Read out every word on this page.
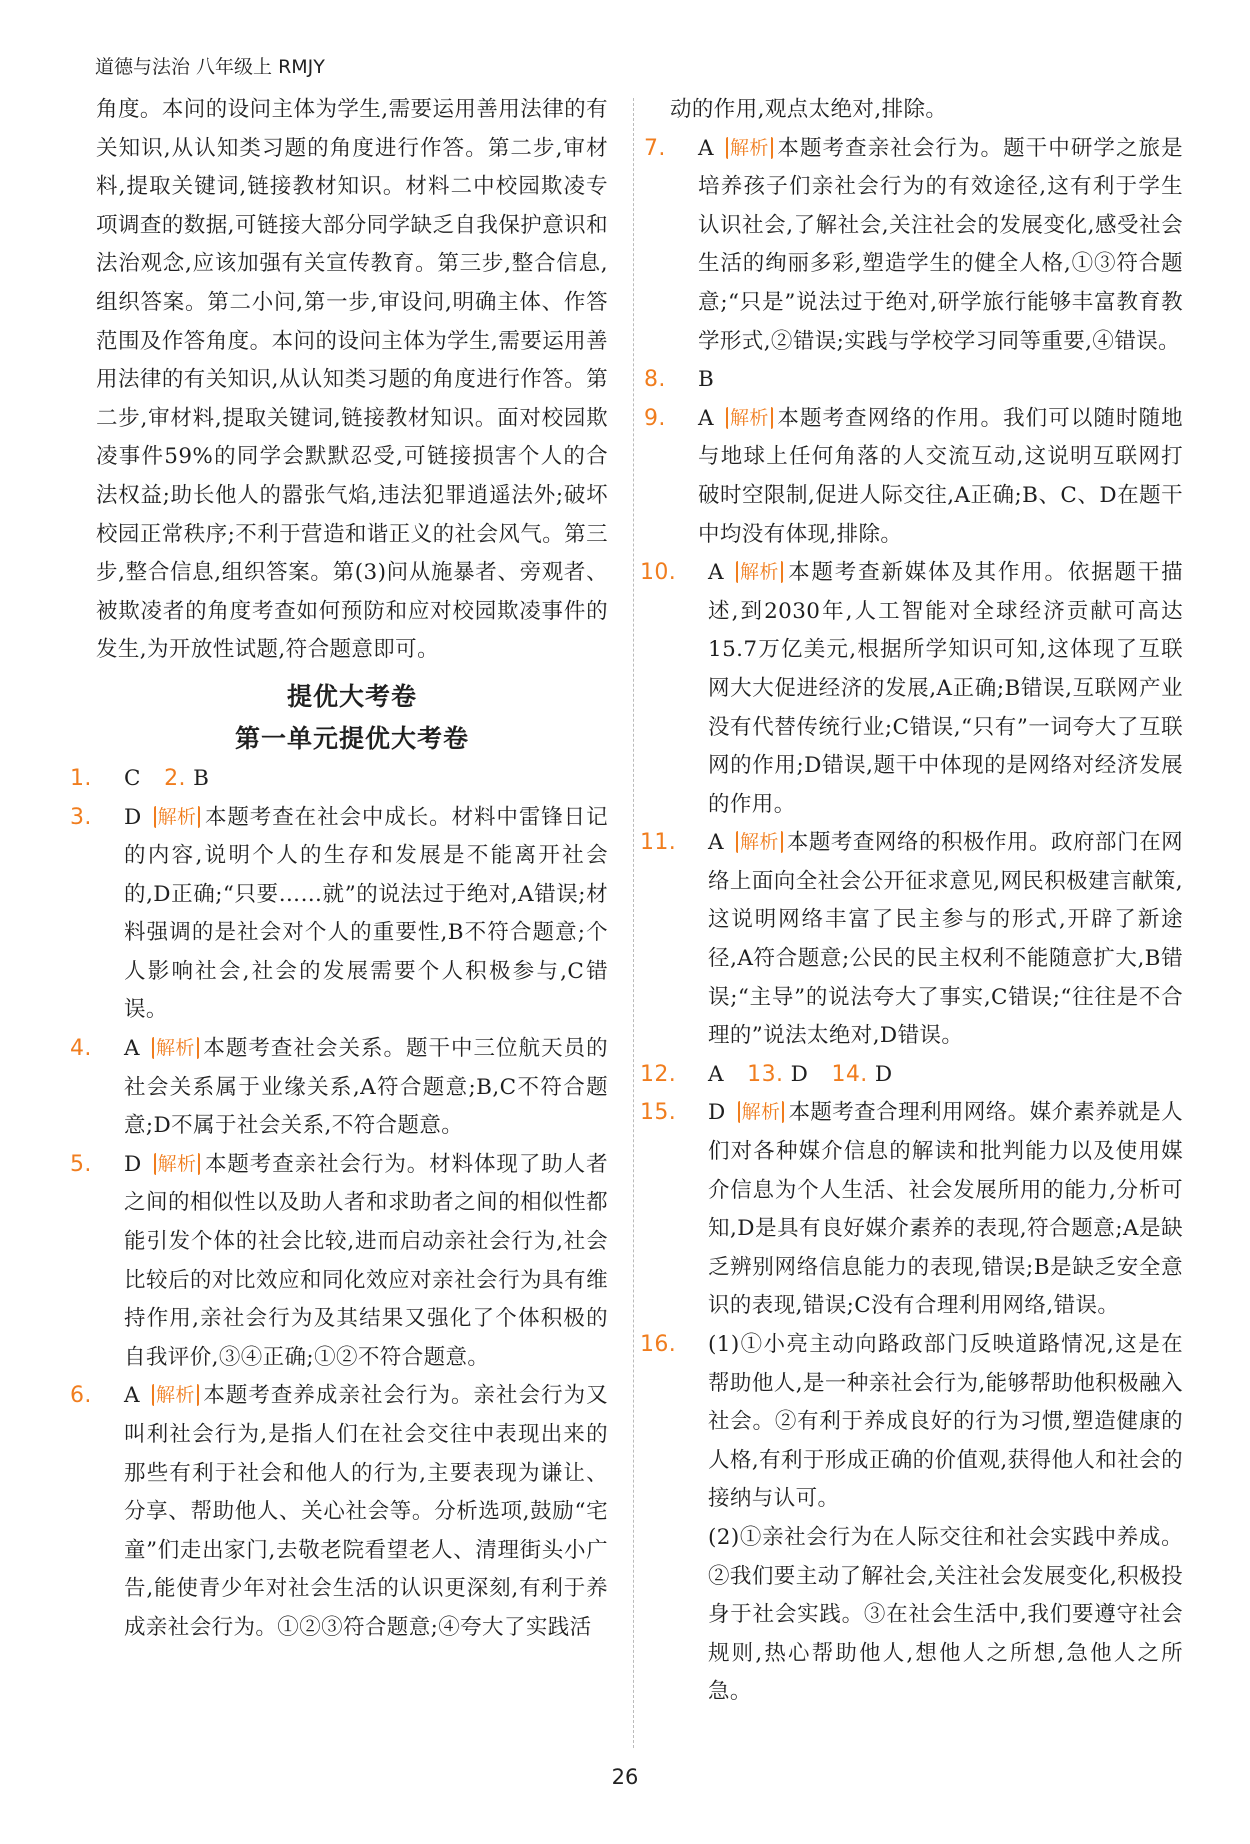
道德与法治 八年级上 RMJY
角度。本问的设问主体为学生,需要运用善用法律的有关知识,从认知类习题的角度进行作答。第二步,审材料,提取关键词,链接教材知识。材料二中校园欺凌专项调查的数据,可链接大部分同学缺乏自我保护意识和法治观念,应该加强有关宣传教育。第三步,整合信息,组织答案。第二小问,第一步,审设问,明确主体、作答范围及作答角度。本问的设问主体为学生,需要运用善用法律的有关知识,从认知类习题的角度进行作答。第二步,审材料,提取关键词,链接教材知识。面对校园欺凌事件59%的同学会默默忍受,可链接损害个人的合法权益;助长他人的嚣张气焰,违法犯罪逍遥法外;破坏校园正常秩序;不利于营造和谐正义的社会风气。第三步,整合信息,组织答案。第(3)问从施暴者、旁观者、被欺凌者的角度考查如何预防和应对校园欺凌事件的发生,为开放性试题,符合题意即可。
提优大考卷
第一单元提优大考卷
1. C 2. B
3. D 解析 本题考查在社会中成长。材料中雷锋日记的内容,说明个人的生存和发展是不能离开社会的,D正确;“只要……就”的说法过于绝对,A错误;材料强调的是社会对个人的重要性,B不符合题意;个人影响社会,社会的发展需要个人积极参与,C错误。
4. A 解析 本题考查社会关系。题干中三位航天员的社会关系属于业缘关系,A符合题意;B,C不符合题意;D不属于社会关系,不符合题意。
5. D 解析 本题考查亲社会行为。材料体现了助人者之间的相似性以及助人者和求助者之间的相似性都能引发个体的社会比较,进而启动亲社会行为,社会比较后的对比效应和同化效应对亲社会行为具有维持作用,亲社会行为及其结果又强化了个体积极的自我评价,③④正确;①②不符合题意。
6. A 解析 本题考查养成亲社会行为。亲社会行为又叫利社会行为,是指人们在社会交往中表现出来的那些有利于社会和他人的行为,主要表现为谦让、分享、帮助他人、关心社会等。分析选项,鼓励“宅童”们走出家门,去敬老院看望老人、清理街头小广告,能使青少年对社会生活的认识更深刻,有利于养成亲社会行为。①②③符合题意;④夸大了实践活
动的作用,观点太绝对,排除。
7. A 解析 本题考查亲社会行为。题干中研学之旅是培养孩子们亲社会行为的有效途径,这有利于学生认识社会,了解社会,关注社会的发展变化,感受社会生活的绚丽多彩,塑造学生的健全人格,①③符合题意;“只是”说法过于绝对,研学旅行能够丰富教育教学形式,②错误;实践与学校学习同等重要,④错误。
8. B
9. A 解析 本题考查网络的作用。我们可以随时随地与地球上任何角落的人交流互动,这说明互联网打破时空限制,促进人际交往,A正确;B、C、D在题干中均没有体现,排除。
10. A 解析 本题考查新媒体及其作用。依据题干描述,到2030年,人工智能对全球经济贡献可高达15.7万亿美元,根据所学知识可知,这体现了互联网大大促进经济的发展,A正确;B错误,互联网产业没有代替传统行业;C错误,“只有”一词夸大了互联网的作用;D错误,题干中体现的是网络对经济发展的作用。
11. A 解析 本题考查网络的积极作用。政府部门在网络上面向全社会公开征求意见,网民积极建言献策,这说明网络丰富了民主参与的形式,开辟了新途径,A符合题意;公民的民主权利不能随意扩大,B错误;“主导”的说法夸大了事实,C错误;“往往是不合理的”说法太绝对,D错误。
12. A 13. D 14. D
15. D 解析 本题考查合理利用网络。媒介素养就是人们对各种媒介信息的解读和批判能力以及使用媒介信息为个人生活、社会发展所用的能力,分析可知,D是具有良好媒介素养的表现,符合题意;A是缺乏辨别网络信息能力的表现,错误;B是缺乏安全意识的表现,错误;C没有合理利用网络,错误。
16. (1)①小亮主动向路政部门反映道路情况,这是在帮助他人,是一种亲社会行为,能够帮助他积极融入社会。②有利于养成良好的行为习惯,塑造健康的人格,有利于形成正确的价值观,获得他人和社会的接纳与认可。
(2)①亲社会行为在人际交往和社会实践中养成。②我们要主动了解社会,关注社会发展变化,积极投身于社会实践。③在社会生活中,我们要遵守社会规则,热心帮助他人,想他人之所想,急他人之所急。
26
